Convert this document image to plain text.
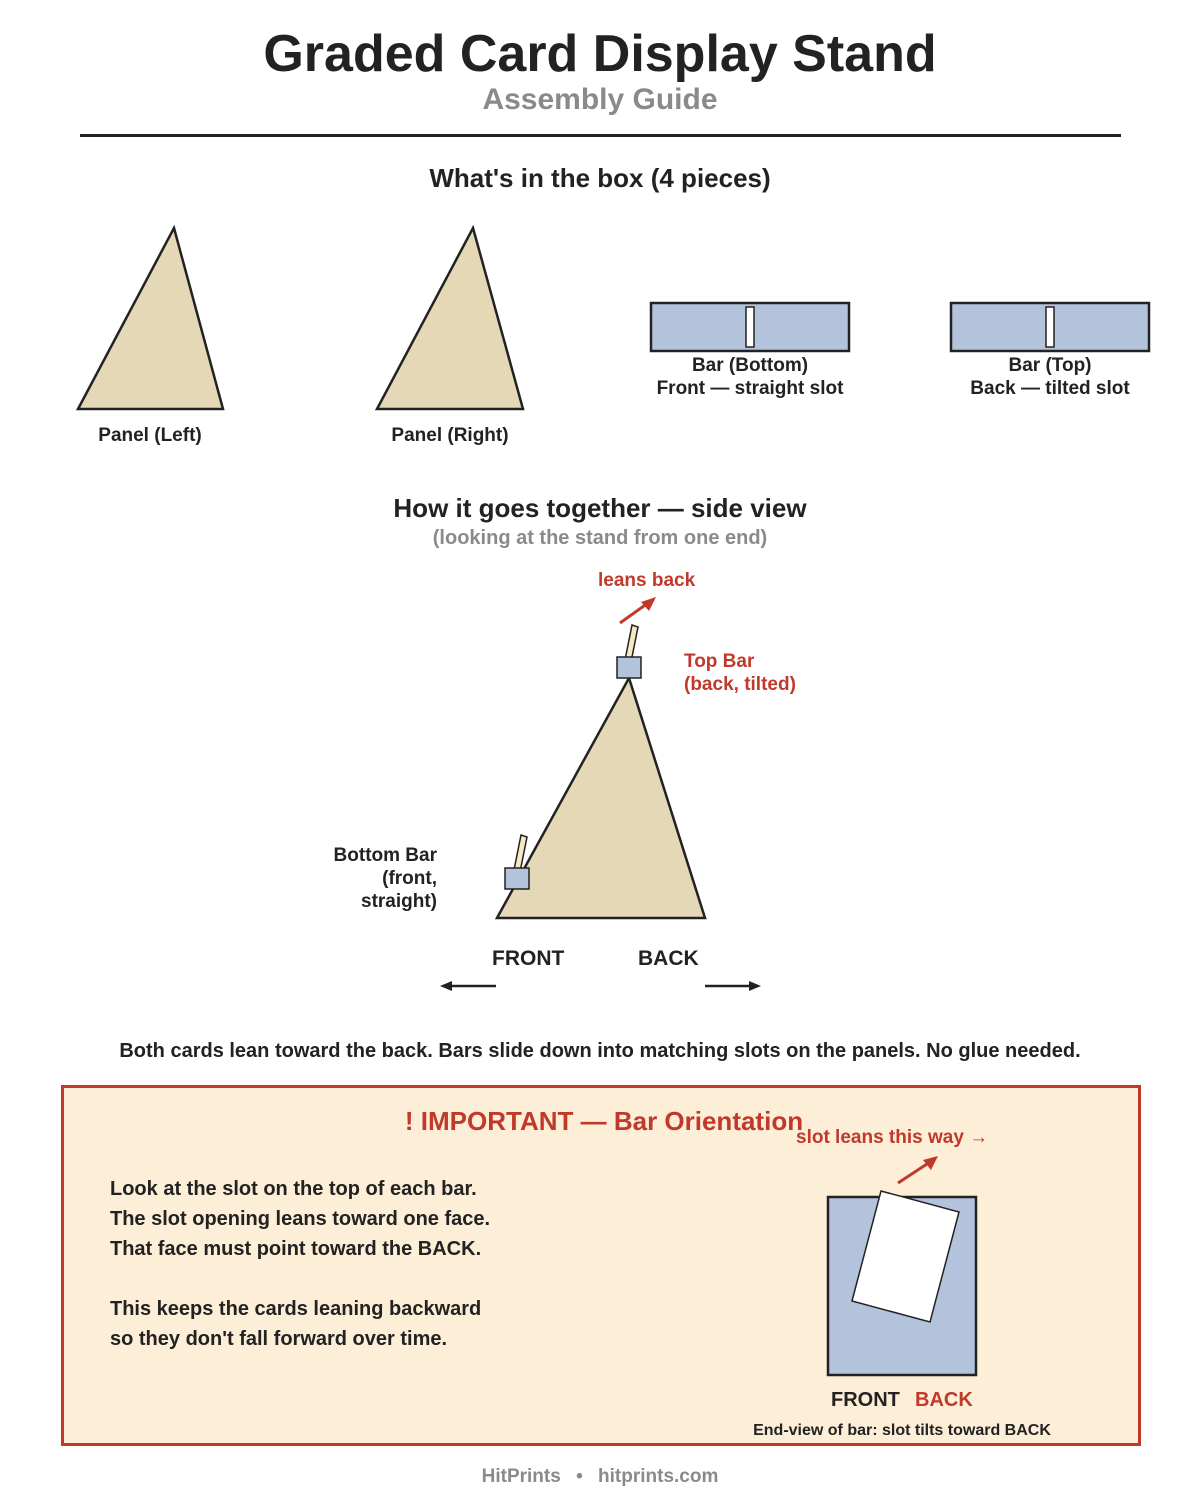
Graded Card Display Stand
Assembly Guide
What's in the box (4 pieces)
Panel (Left)	Panel (Right)
Bar (Bottom)
Front — straight slot
Bar (Top)
Back — tilted slot
How it goes together — side view
(looking at the stand from one end)
leans back
Top Bar
(back, tilted)
Bottom Bar
(front,
straight)
FRONT	BACK
Both cards lean toward the back. Bars slide down into matching slots on the panels. No glue needed.
! IMPORTANT — Bar Orientation
Look at the slot on the top of each bar.
The slot opening leans toward one face.
That face must point toward the BACK.

This keeps the cards leaning backward
so they don't fall forward over time.
slot leans this way →
FRONT BACK
End-view of bar: slot tilts toward BACK
HitPrints • hitprints.com
